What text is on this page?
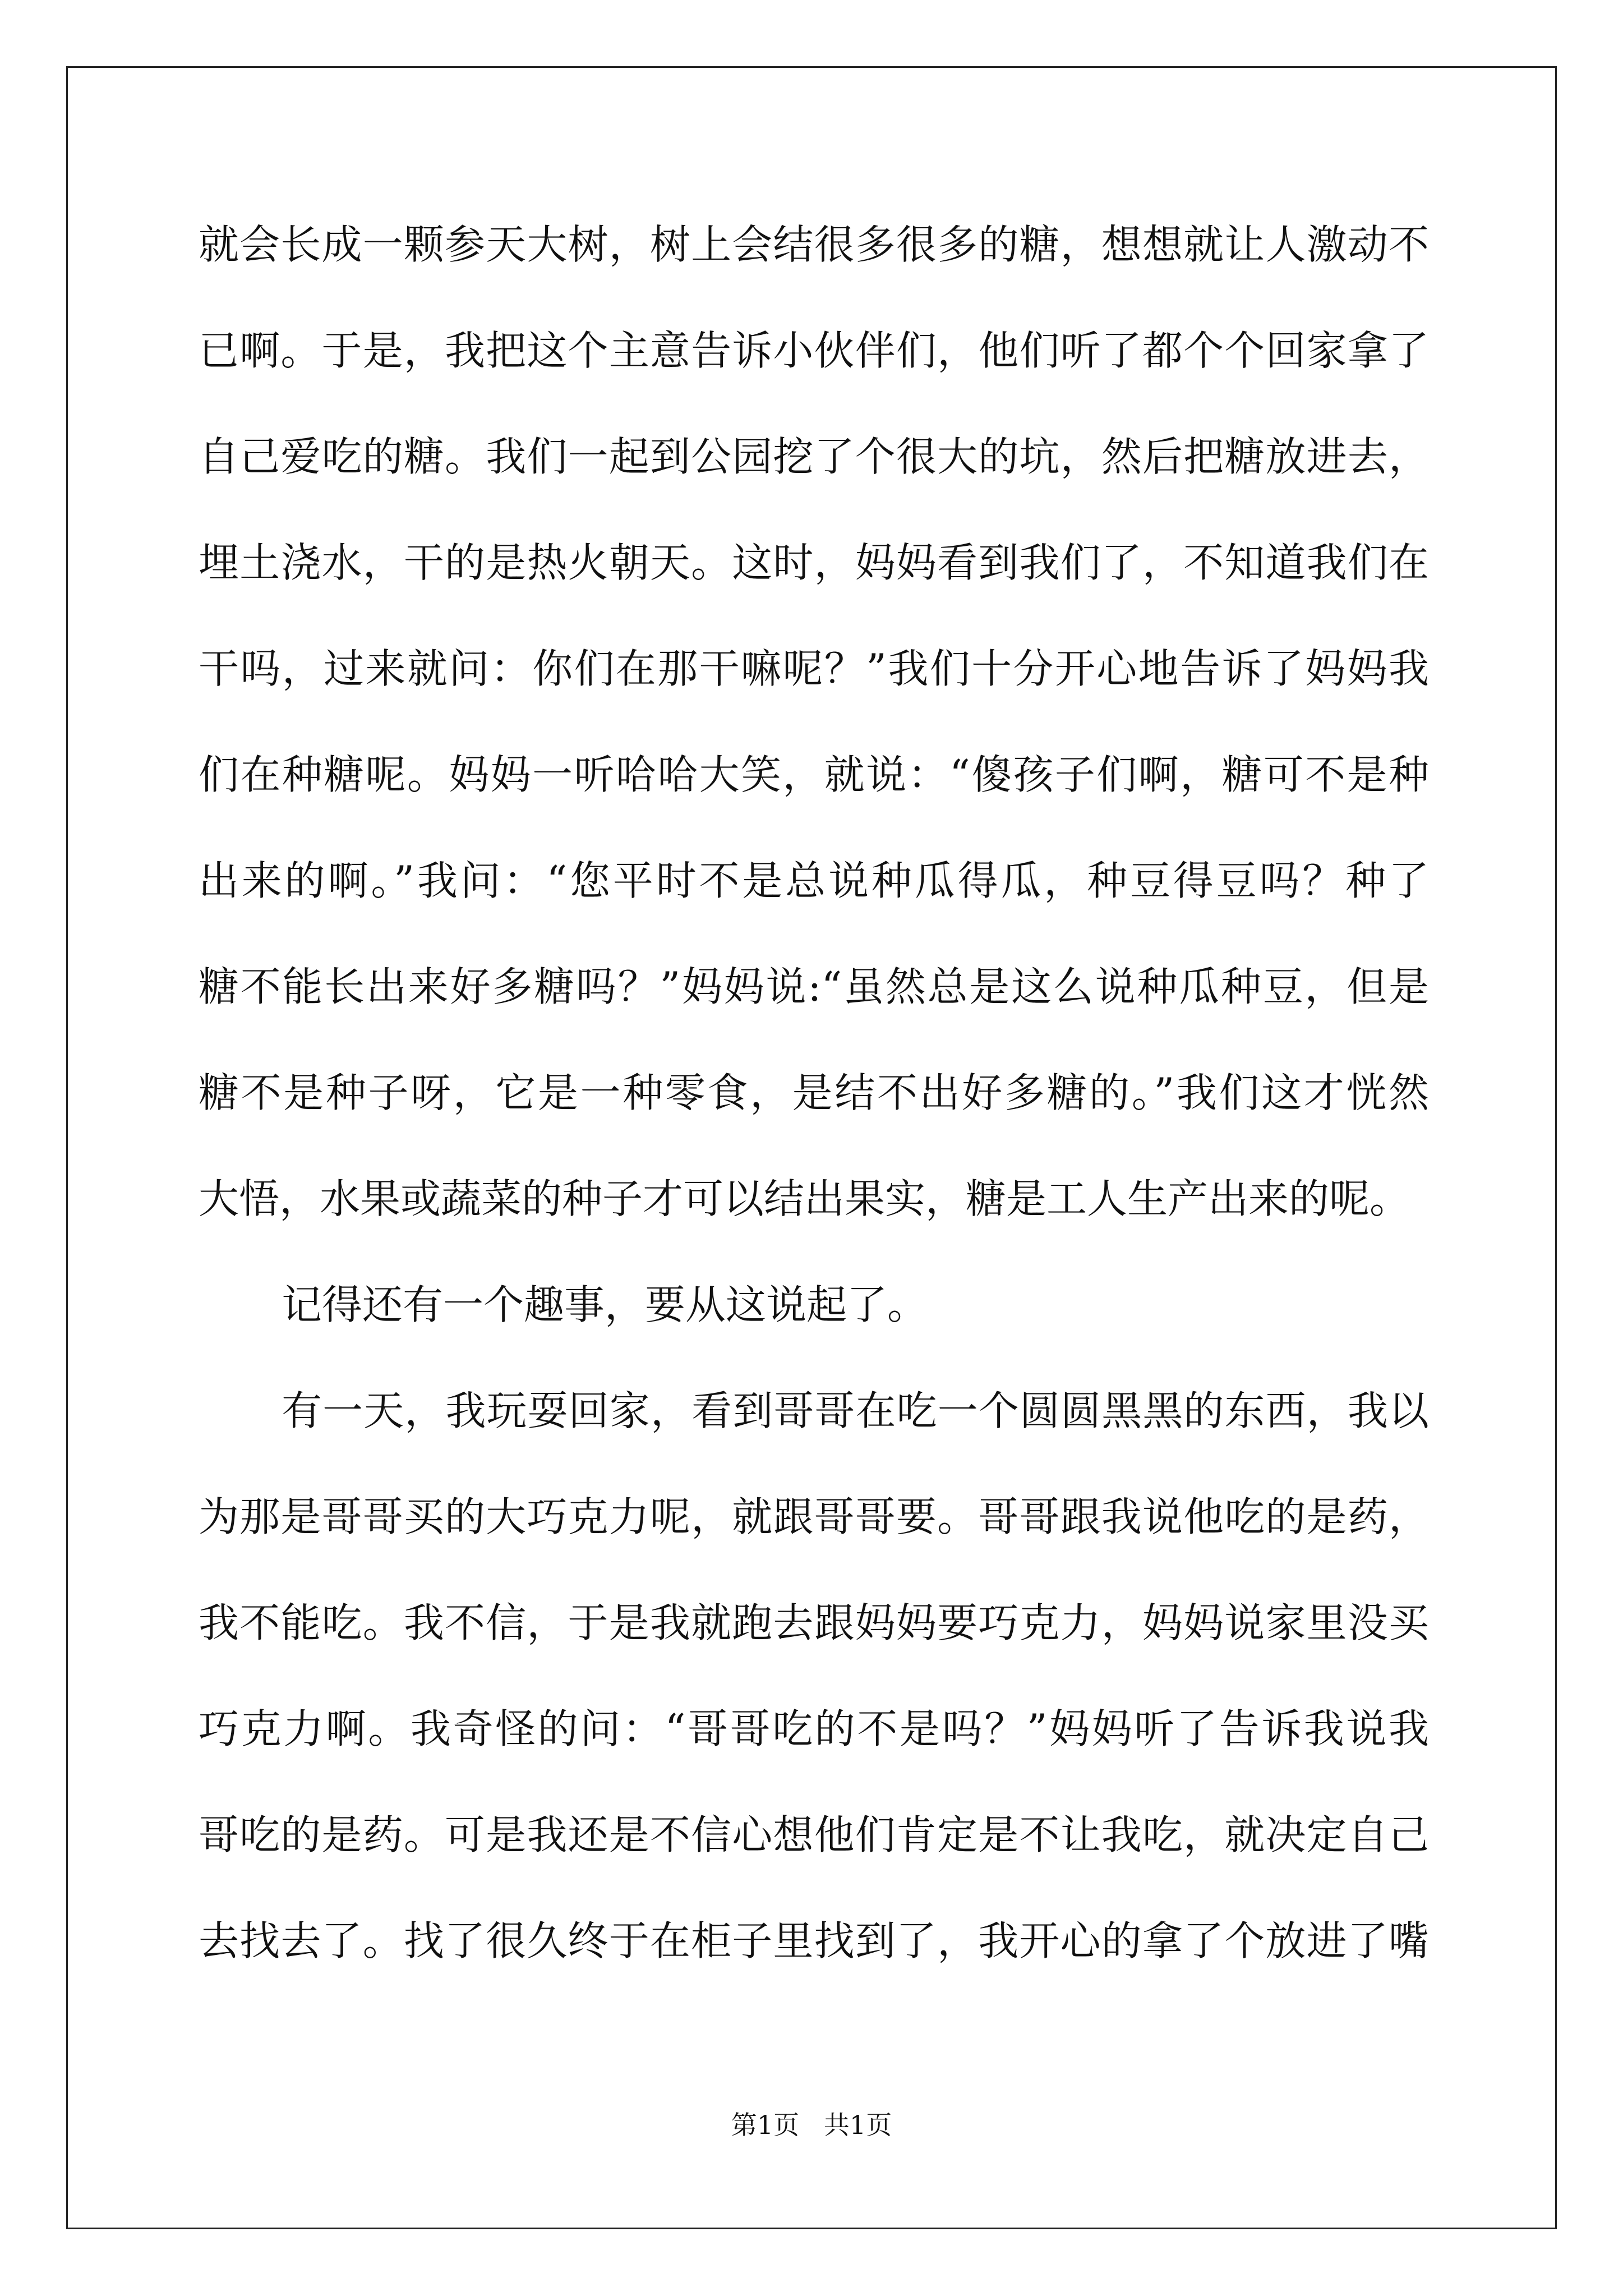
就会长成一颗参天大树，树上会结很多很多的糖，想想就让人激动不
已啊。于是，我把这个主意告诉小伙伴们，他们听了都个个回家拿了
自己爱吃的糖。我们一起到公园挖了个很大的坑，然后把糖放进去，
埋土浇水，干的是热火朝天。这时，妈妈看到我们了，不知道我们在
干吗，过来就问：你们在那干嘛呢？”我们十分开心地告诉了妈妈我
们在种糖呢。妈妈一听哈哈大笑，就说：“傻孩子们啊，糖可不是种
出来的啊。”我问：“您平时不是总说种瓜得瓜，种豆得豆吗？种了
糖不能长出来好多糖吗？”妈妈说:“虽然总是这么说种瓜种豆，但是
糖不是种子呀，它是一种零食，是结不出好多糖的。”我们这才恍然
大悟，水果或蔬菜的种子才可以结出果实，糖是工人生产出来的呢。
记得还有一个趣事，要从这说起了。
有一天，我玩耍回家，看到哥哥在吃一个圆圆黑黑的东西，我以
为那是哥哥买的大巧克力呢，就跟哥哥要。哥哥跟我说他吃的是药，
我不能吃。我不信，于是我就跑去跟妈妈要巧克力，妈妈说家里没买
巧克力啊。我奇怪的问：“哥哥吃的不是吗？”妈妈听了告诉我说我
哥吃的是药。可是我还是不信心想他们肯定是不让我吃，就决定自己
去找去了。找了很久终于在柜子里找到了，我开心的拿了个放进了嘴
第1页   共1页
